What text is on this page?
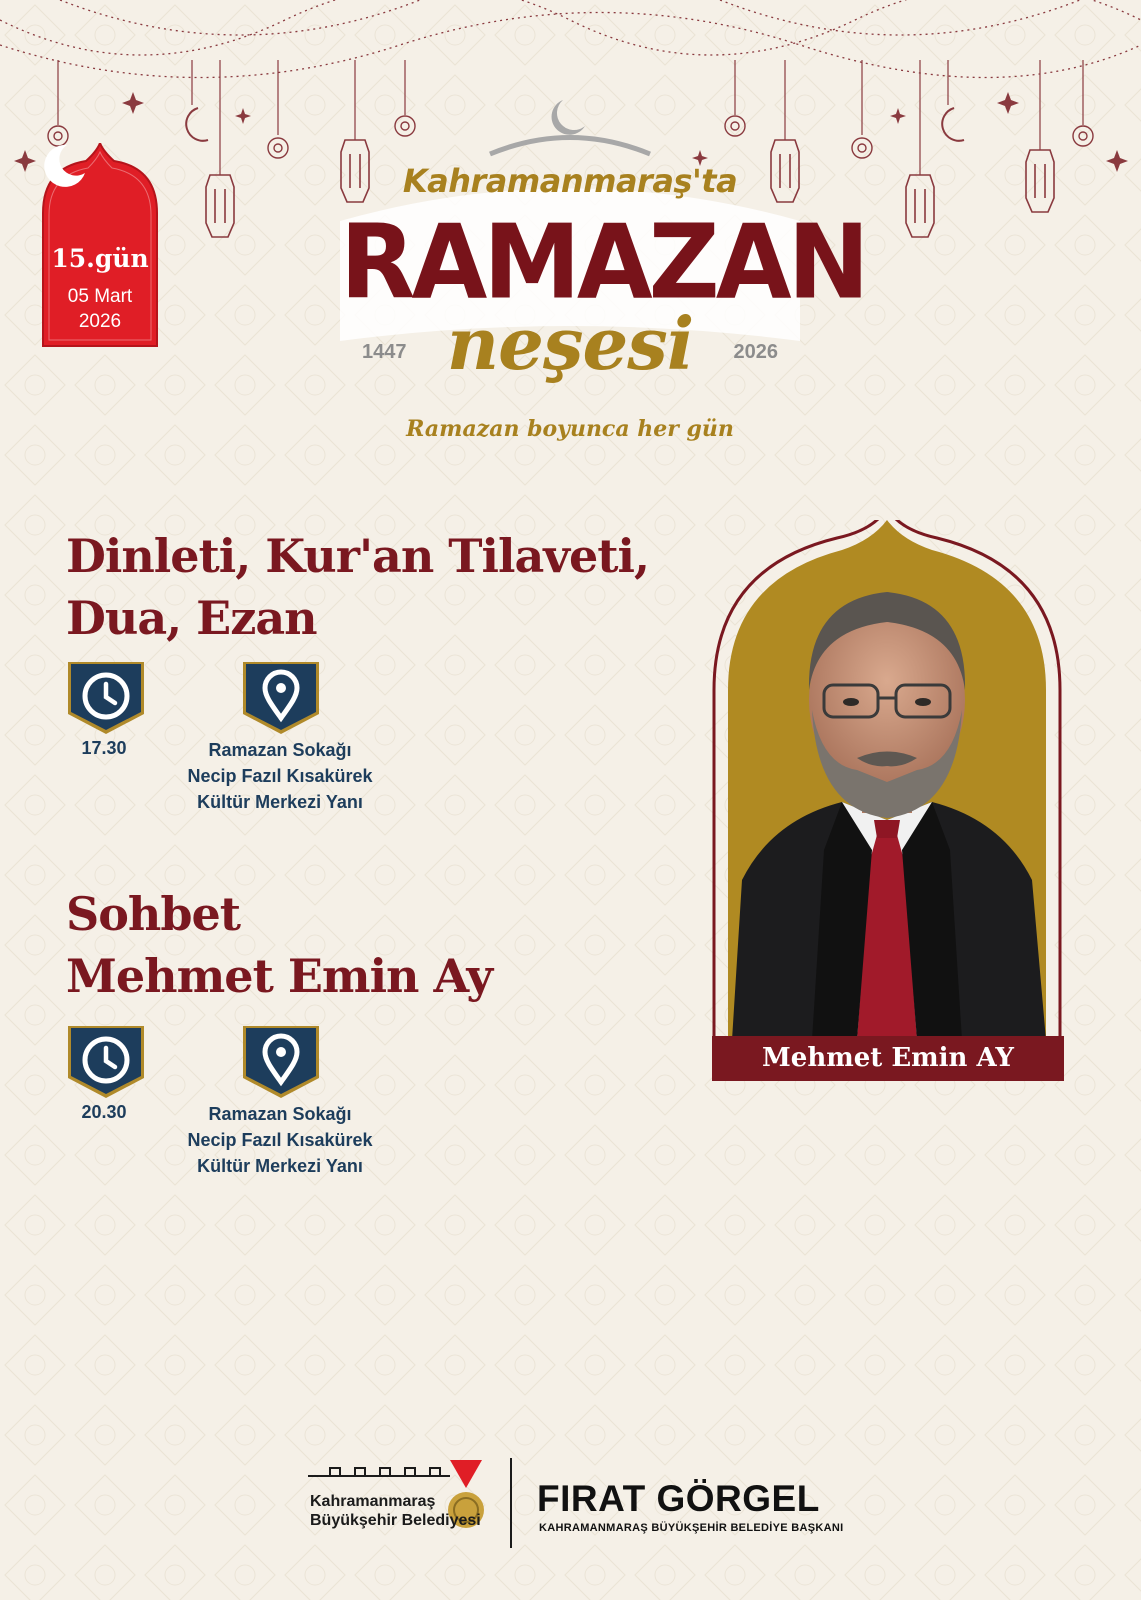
15.gün
05 Mart
2026
Kahramanmaraş'ta
RAMAZAN
neşesi
1447	2026
Ramazan boyunca her gün
Dinleti, Kur'an Tilaveti,
Dua, Ezan
17.30	Ramazan Sokağı
Necip Fazıl Kısakürek
Kültür Merkezi Yanı
Sohbet
Mehmet Emin Ay
20.30	Ramazan Sokağı
Necip Fazıl Kısakürek
Kültür Merkezi Yanı
Mehmet Emin AY
Kahramanmaraş
Büyükşehir Belediyesi
FIRAT GÖRGEL
KAHRAMANMARAŞ BÜYÜKŞEHİR BELEDİYE BAŞKANI
